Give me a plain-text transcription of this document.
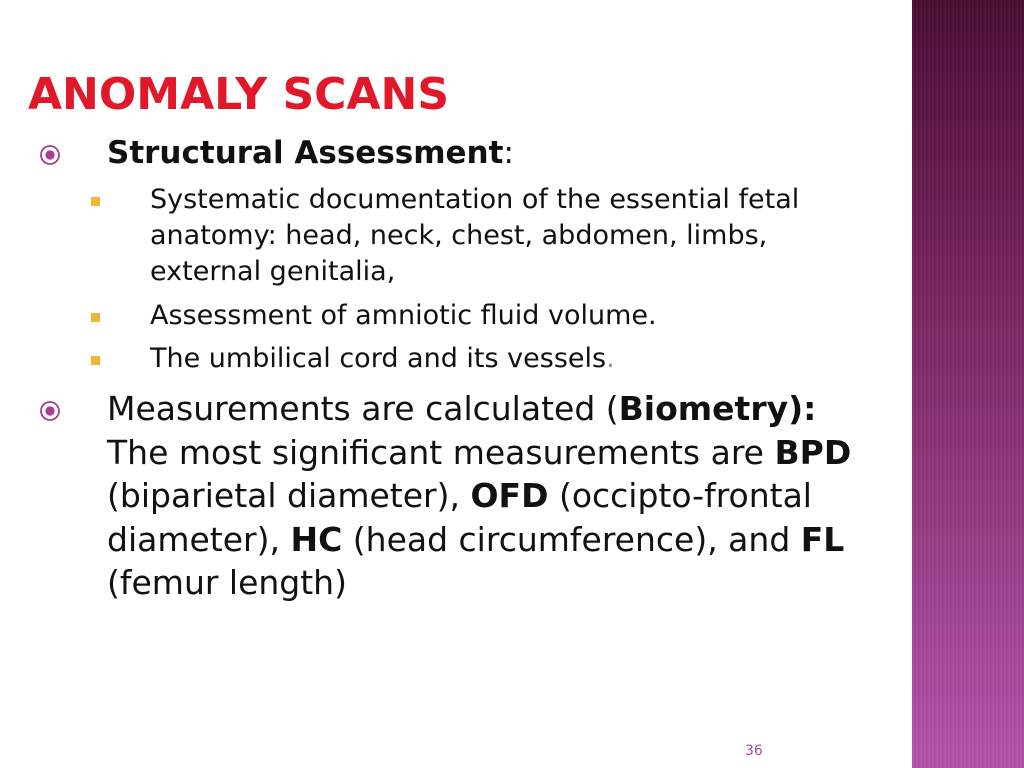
ANOMALY SCANS
Structural Assessment:
Systematic documentation of the essential fetal
anatomy: head, neck, chest, abdomen, limbs,
external genitalia,
Assessment of amniotic fluid volume.
The umbilical cord and its vessels.
Measurements are calculated (Biometry):
The most significant measurements are BPD
(biparietal diameter), OFD (occipto-frontal
diameter), HC (head circumference), and FL
(femur length)
36
